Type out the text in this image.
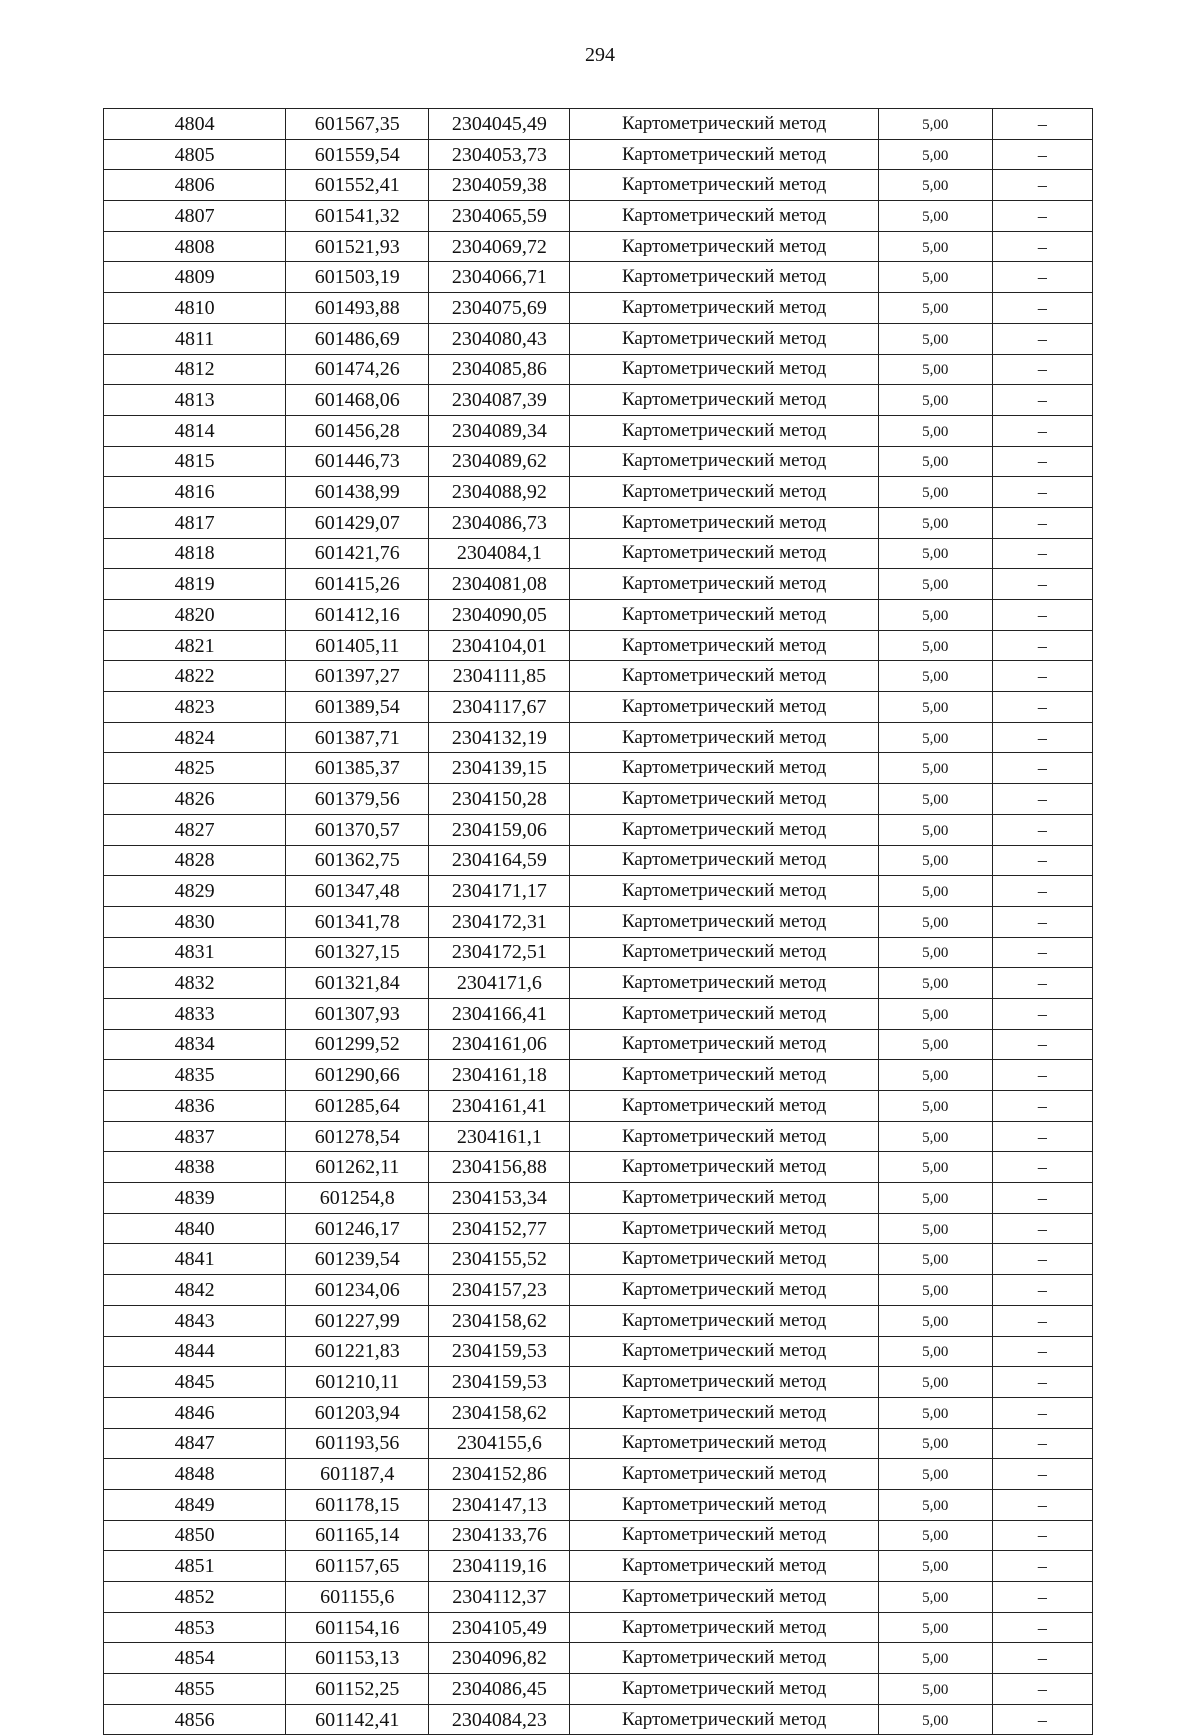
294
4804	601567,35	2304045,49	Картометрический метод	5,00	–
4805	601559,54	2304053,73	Картометрический метод	5,00	–
4806	601552,41	2304059,38	Картометрический метод	5,00	–
4807	601541,32	2304065,59	Картометрический метод	5,00	–
4808	601521,93	2304069,72	Картометрический метод	5,00	–
4809	601503,19	2304066,71	Картометрический метод	5,00	–
4810	601493,88	2304075,69	Картометрический метод	5,00	–
4811	601486,69	2304080,43	Картометрический метод	5,00	–
4812	601474,26	2304085,86	Картометрический метод	5,00	–
4813	601468,06	2304087,39	Картометрический метод	5,00	–
4814	601456,28	2304089,34	Картометрический метод	5,00	–
4815	601446,73	2304089,62	Картометрический метод	5,00	–
4816	601438,99	2304088,92	Картометрический метод	5,00	–
4817	601429,07	2304086,73	Картометрический метод	5,00	–
4818	601421,76	2304084,1	Картометрический метод	5,00	–
4819	601415,26	2304081,08	Картометрический метод	5,00	–
4820	601412,16	2304090,05	Картометрический метод	5,00	–
4821	601405,11	2304104,01	Картометрический метод	5,00	–
4822	601397,27	2304111,85	Картометрический метод	5,00	–
4823	601389,54	2304117,67	Картометрический метод	5,00	–
4824	601387,71	2304132,19	Картометрический метод	5,00	–
4825	601385,37	2304139,15	Картометрический метод	5,00	–
4826	601379,56	2304150,28	Картометрический метод	5,00	–
4827	601370,57	2304159,06	Картометрический метод	5,00	–
4828	601362,75	2304164,59	Картометрический метод	5,00	–
4829	601347,48	2304171,17	Картометрический метод	5,00	–
4830	601341,78	2304172,31	Картометрический метод	5,00	–
4831	601327,15	2304172,51	Картометрический метод	5,00	–
4832	601321,84	2304171,6	Картометрический метод	5,00	–
4833	601307,93	2304166,41	Картометрический метод	5,00	–
4834	601299,52	2304161,06	Картометрический метод	5,00	–
4835	601290,66	2304161,18	Картометрический метод	5,00	–
4836	601285,64	2304161,41	Картометрический метод	5,00	–
4837	601278,54	2304161,1	Картометрический метод	5,00	–
4838	601262,11	2304156,88	Картометрический метод	5,00	–
4839	601254,8	2304153,34	Картометрический метод	5,00	–
4840	601246,17	2304152,77	Картометрический метод	5,00	–
4841	601239,54	2304155,52	Картометрический метод	5,00	–
4842	601234,06	2304157,23	Картометрический метод	5,00	–
4843	601227,99	2304158,62	Картометрический метод	5,00	–
4844	601221,83	2304159,53	Картометрический метод	5,00	–
4845	601210,11	2304159,53	Картометрический метод	5,00	–
4846	601203,94	2304158,62	Картометрический метод	5,00	–
4847	601193,56	2304155,6	Картометрический метод	5,00	–
4848	601187,4	2304152,86	Картометрический метод	5,00	–
4849	601178,15	2304147,13	Картометрический метод	5,00	–
4850	601165,14	2304133,76	Картометрический метод	5,00	–
4851	601157,65	2304119,16	Картометрический метод	5,00	–
4852	601155,6	2304112,37	Картометрический метод	5,00	–
4853	601154,16	2304105,49	Картометрический метод	5,00	–
4854	601153,13	2304096,82	Картометрический метод	5,00	–
4855	601152,25	2304086,45	Картометрический метод	5,00	–
4856	601142,41	2304084,23	Картометрический метод	5,00	–
